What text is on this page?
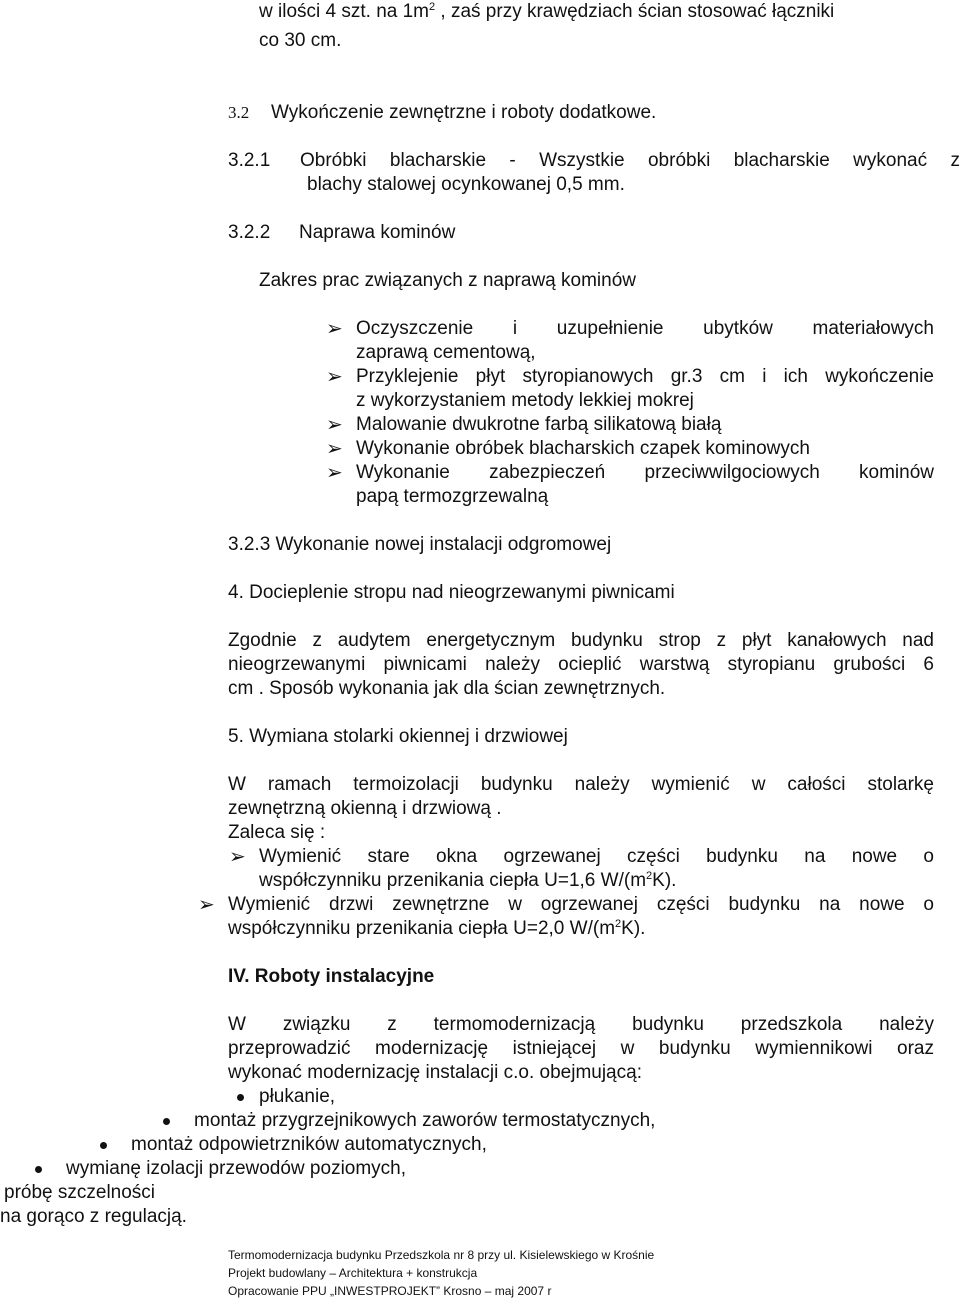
w ilości 4 szt. na $1m^2$ , zaś przy krawędziach ścian stosować łączniki

co 30 cm.

3.2 Wykończenie zewnętrzne i roboty dodatkowe.
3.2.1 Obróbki blacharskie - Wszystkie obróbki blacharskie wykonać z

blachy stalowej ocynkowanej 0,5 mm.

3.2.2 Naprawa kominów

Zakres prac związanych z naprawą kominów

➢ Oczyszczenie i uzupełnienie ubytków materiałowych

zaprawą cementową,

➢ Przyklejenie płyt styropianowych gr.3 cm i ich wykończenie

z wykorzystaniem metody lekkiej mokrej

➢ Malowanie dwukrotne farbą silikatową białą

➢ Wykonanie obróbek blacharskich czapek kominowych

➢ Wykonanie zabezpieczeń przeciwwilgociowych kominów

papą termozgrzewalną

3.2.3 Wykonanie nowej instalacji odgromowej

4. Docieplenie stropu nad nieogrzewanymi piwnicami

Zgodnie z audytem energetycznym budynku strop z płyt kanałowych nad

nieogrzewanymi piwnicami należy ocieplić warstwą styropianu grubości 6

cm . Sposób wykonania jak dla ścian zewnętrznych.

5. Wymiana stolarki okiennej i drzwiowej

W ramach termoizolacji budynku należy wymienić w całości stolarkę

zewnętrzną okienną i drzwiową .

Zaleca się :

➢ Wymienić stare okna ogrzewanej części budynku na nowe o

współczynniku przenikania ciepła U=1,6 $W/(m^2K)$.

➢ Wymienić drzwi zewnętrzne w ogrzewanej części budynku na nowe o

współczynniku przenikania ciepła U=2,0 $W/(m^2K)$.

IV. Roboty instalacyjne

W związku z termomodernizacją budynku przedszkola należy

przeprowadzić modernizację istniejącej w budynku wymiennikowi oraz

wykonać modernizację instalacji c.o. obejmującą:

płukanie,

montaż przygrzejnikowych zaworów termostatycznych,

montaż odpowietrzników automatycznych,

wymianę izolacji przewodów poziomych,

próbę szczelności

na gorąco z regulacją.

Termomodernizacja budynku Przedszkola nr 8 przy ul. Kisielewskiego w Krośnie

Projekt budowlany – Architektura + konstrukcja

Opracowanie PPU „INWESTPROJEKT” Krosno – maj 2007 r
